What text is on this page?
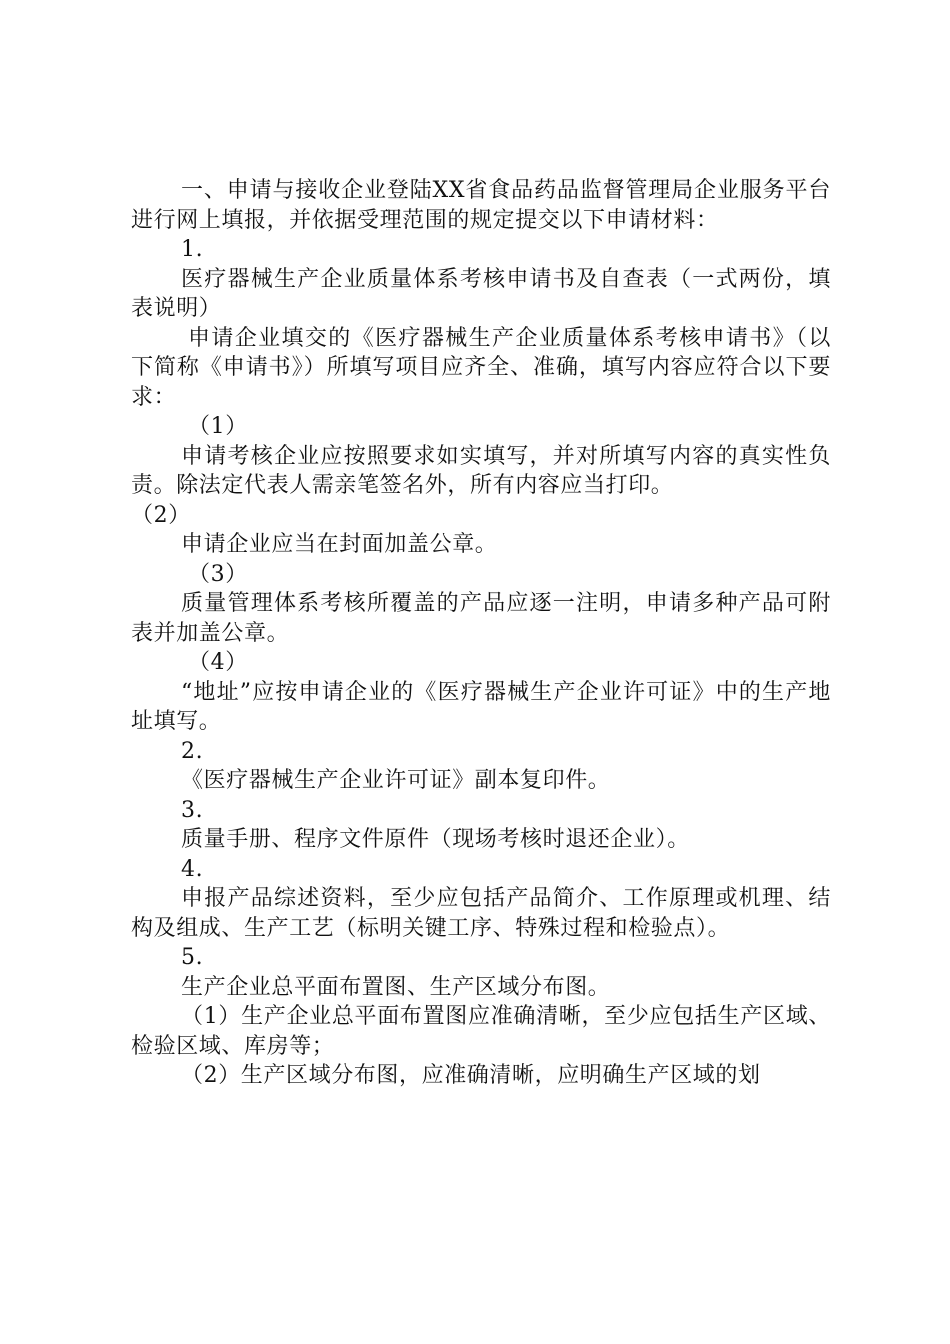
一、申请与接收企业登陆XX省食品药品监督管理局企业服务平台进行网上填报，并依据受理范围的规定提交以下申请材料：

1.

医疗器械生产企业质量体系考核申请书及自查表（一式两份，填表说明）

申请企业填交的《医疗器械生产企业质量体系考核申请书》（以下简称《申请书》）所填写项目应齐全、准确，填写内容应符合以下要求：

（1）

申请考核企业应按照要求如实填写，并对所填写内容的真实性负责。除法定代表人需亲笔签名外，所有内容应当打印。

（2）

申请企业应当在封面加盖公章。

（3）

质量管理体系考核所覆盖的产品应逐一注明，申请多种产品可附表并加盖公章。

（4）

“地址”应按申请企业的《医疗器械生产企业许可证》中的生产地址填写。

2.

《医疗器械生产企业许可证》副本复印件。

3.

质量手册、程序文件原件（现场考核时退还企业）。

4.

申报产品综述资料，至少应包括产品简介、工作原理或机理、结构及组成、生产工艺（标明关键工序、特殊过程和检验点）。

5.

生产企业总平面布置图、生产区域分布图。

（1）生产企业总平面布置图应准确清晰，至少应包括生产区域、检验区域、库房等；

（2）生产区域分布图，应准确清晰，应明确生产区域的划
